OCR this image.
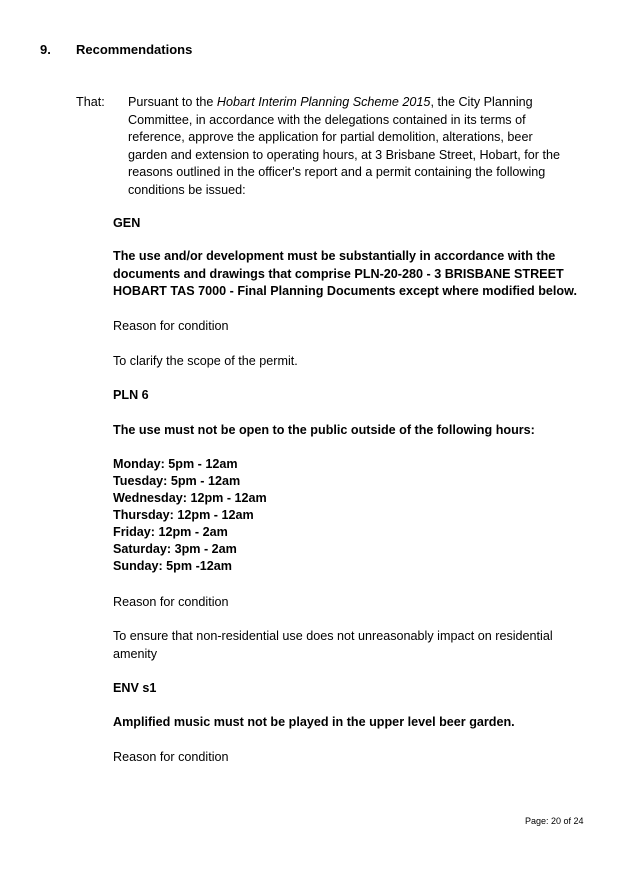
9. Recommendations
That: Pursuant to the Hobart Interim Planning Scheme 2015, the City Planning Committee, in accordance with the delegations contained in its terms of reference, approve the application for partial demolition, alterations, beer garden and extension to operating hours, at 3 Brisbane Street, Hobart, for the reasons outlined in the officer's report and a permit containing the following conditions be issued:
GEN
The use and/or development must be substantially in accordance with the documents and drawings that comprise PLN-20-280 - 3 BRISBANE STREET HOBART TAS 7000 - Final Planning Documents except where modified below.
Reason for condition
To clarify the scope of the permit.
PLN 6
The use must not be open to the public outside of the following hours:
Monday: 5pm - 12am
Tuesday: 5pm - 12am
Wednesday: 12pm - 12am
Thursday: 12pm - 12am
Friday: 12pm - 2am
Saturday: 3pm - 2am
Sunday: 5pm -12am
Reason for condition
To ensure that non-residential use does not unreasonably impact on residential amenity
ENV s1
Amplified music must not be played in the upper level beer garden.
Reason for condition
Page: 20 of 24
